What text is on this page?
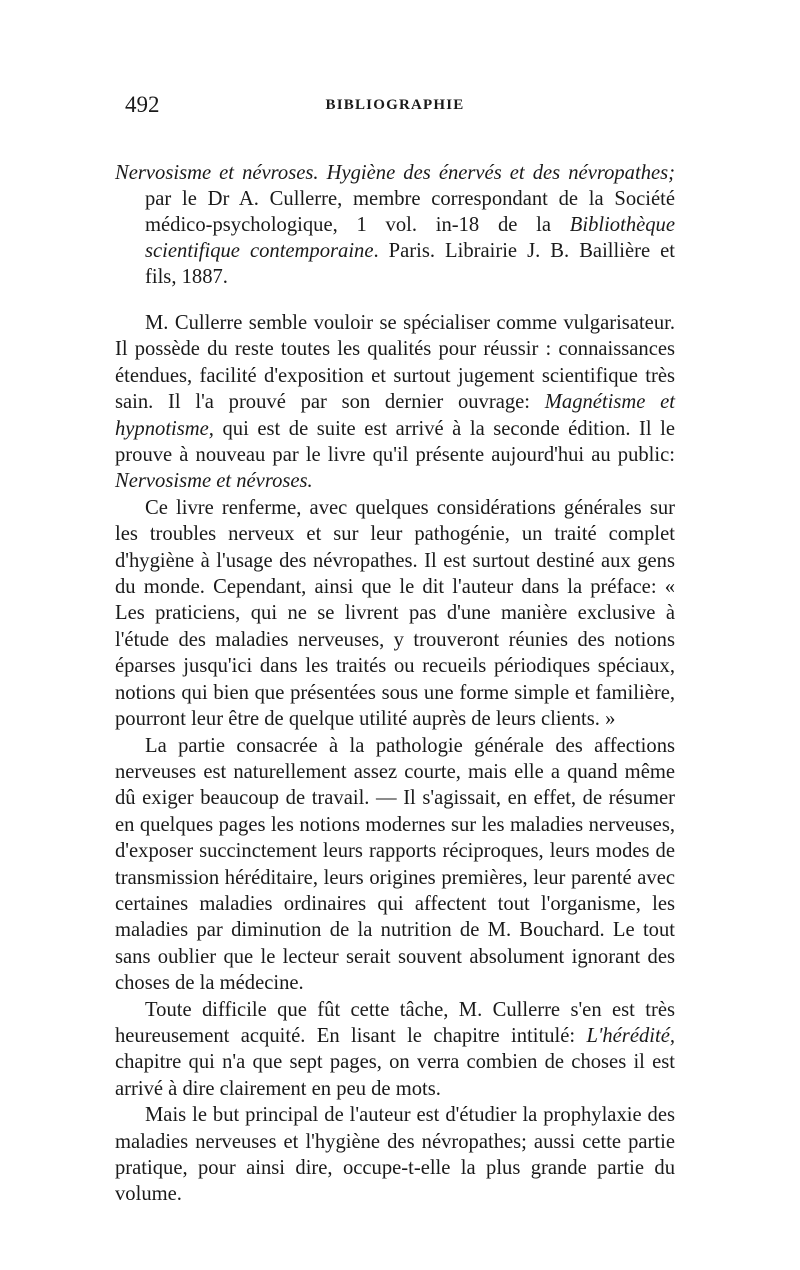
492	BIBLIOGRAPHIE

Nervosisme et névroses. Hygiène des énervés et des névropathes; par le Dr A. Cullerre, membre correspondant de la Société médico-psychologique, 1 vol. in-18 de la Bibliothèque scientifique contemporaine. Paris. Librairie J. B. Baillière et fils, 1887.

M. Cullerre semble vouloir se spécialiser comme vulgarisateur. Il possède du reste toutes les qualités pour réussir : connaissances étendues, facilité d'exposition et surtout jugement scientifique très sain. Il l'a prouvé par son dernier ouvrage: Magnétisme et hypnotisme, qui est de suite est arrivé à la seconde édition. Il le prouve à nouveau par le livre qu'il présente aujourd'hui au public: Nervosisme et névroses.

Ce livre renferme, avec quelques considérations générales sur les troubles nerveux et sur leur pathogénie, un traité complet d'hygiène à l'usage des névropathes. Il est surtout destiné aux gens du monde. Cependant, ainsi que le dit l'auteur dans la préface: « Les praticiens, qui ne se livrent pas d'une manière exclusive à l'étude des maladies nerveuses, y trouveront réunies des notions éparses jusqu'ici dans les traités ou recueils périodiques spéciaux, notions qui bien que présentées sous une forme simple et familière, pourront leur être de quelque utilité auprès de leurs clients. »

La partie consacrée à la pathologie générale des affections nerveuses est naturellement assez courte, mais elle a quand même dû exiger beaucoup de travail. — Il s'agissait, en effet, de résumer en quelques pages les notions modernes sur les maladies nerveuses, d'exposer succinctement leurs rapports réciproques, leurs modes de transmission héréditaire, leurs origines premières, leur parenté avec certaines maladies ordinaires qui affectent tout l'organisme, les maladies par diminution de la nutrition de M. Bouchard. Le tout sans oublier que le lecteur serait souvent absolument ignorant des choses de la médecine.

Toute difficile que fût cette tâche, M. Cullerre s'en est très heureusement acquité. En lisant le chapitre intitulé: L'hérédité, chapitre qui n'a que sept pages, on verra combien de choses il est arrivé à dire clairement en peu de mots.

Mais le but principal de l'auteur est d'étudier la prophylaxie des maladies nerveuses et l'hygiène des névropathes; aussi cette partie pratique, pour ainsi dire, occupe-t-elle la plus grande partie du volume.
